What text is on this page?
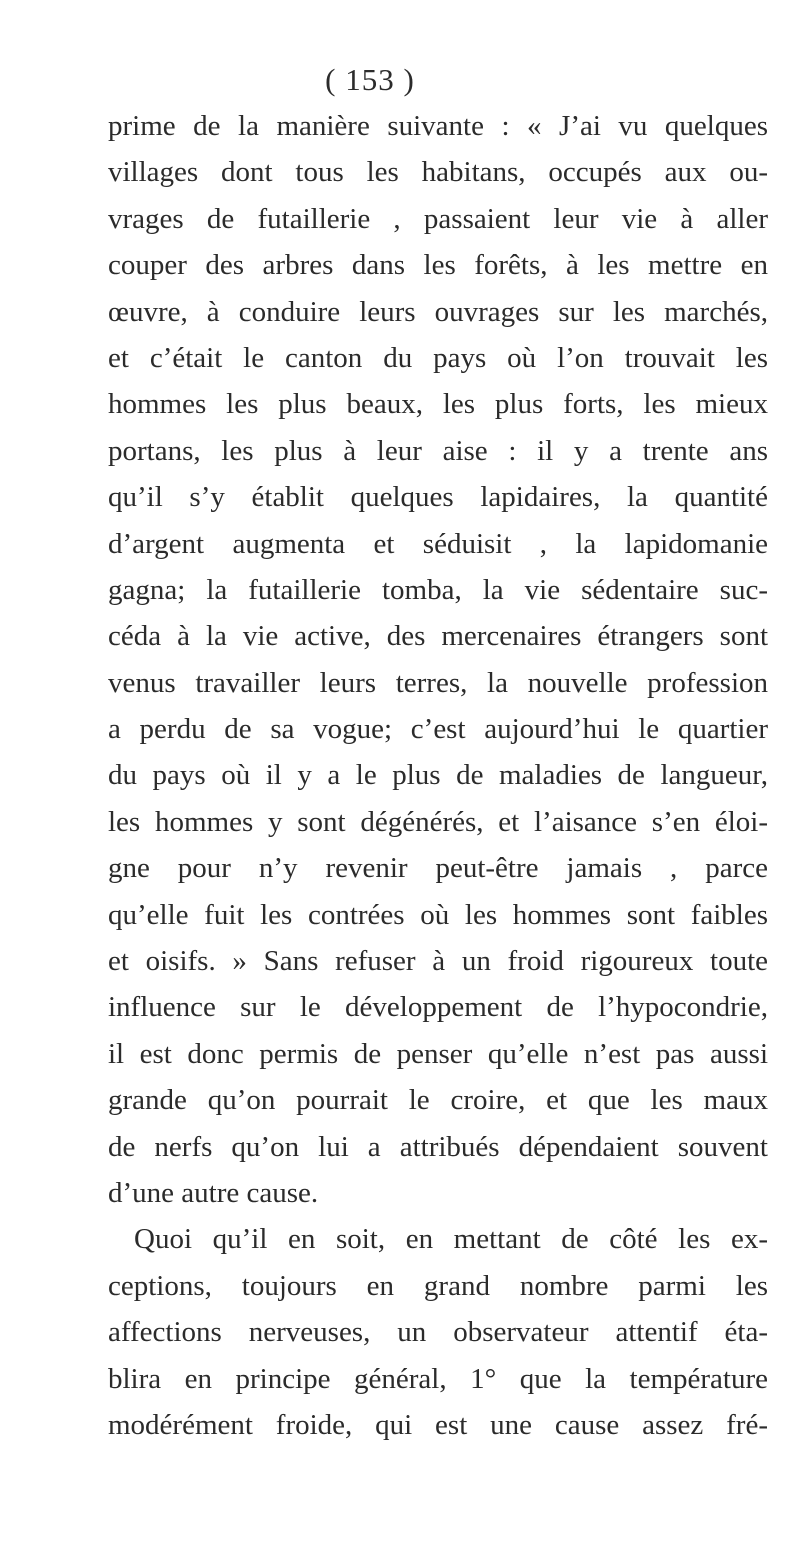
( 153 )
prime de la manière suivante : « J’ai vu quelques
villages dont tous les habitans, occupés aux ou-
vrages de futaillerie , passaient leur vie à aller
couper des arbres dans les forêts, à les mettre en
œuvre, à conduire leurs ouvrages sur les marchés,
et c’était le canton du pays où l’on trouvait les
hommes les plus beaux, les plus forts, les mieux
portans, les plus à leur aise : il y a trente ans
qu’il s’y établit quelques lapidaires, la quantité
d’argent augmenta et séduisit , la lapidomanie
gagna; la futaillerie tomba, la vie sédentaire suc-
céda à la vie active, des mercenaires étrangers sont
venus travailler leurs terres, la nouvelle profession
a perdu de sa vogue; c’est aujourd’hui le quartier
du pays où il y a le plus de maladies de langueur,
les hommes y sont dégénérés, et l’aisance s’en éloi-
gne pour n’y revenir peut-être jamais , parce
qu’elle fuit les contrées où les hommes sont faibles
et oisifs. » Sans refuser à un froid rigoureux toute
influence sur le développement de l’hypocondrie,
il est donc permis de penser qu’elle n’est pas aussi
grande qu’on pourrait le croire, et que les maux
de nerfs qu’on lui a attribués dépendaient souvent
d’une autre cause.
Quoi qu’il en soit, en mettant de côté les ex-
ceptions, toujours en grand nombre parmi les
affections nerveuses, un observateur attentif éta-
blira en principe général, 1° que la température
modérément froide, qui est une cause assez fré-
